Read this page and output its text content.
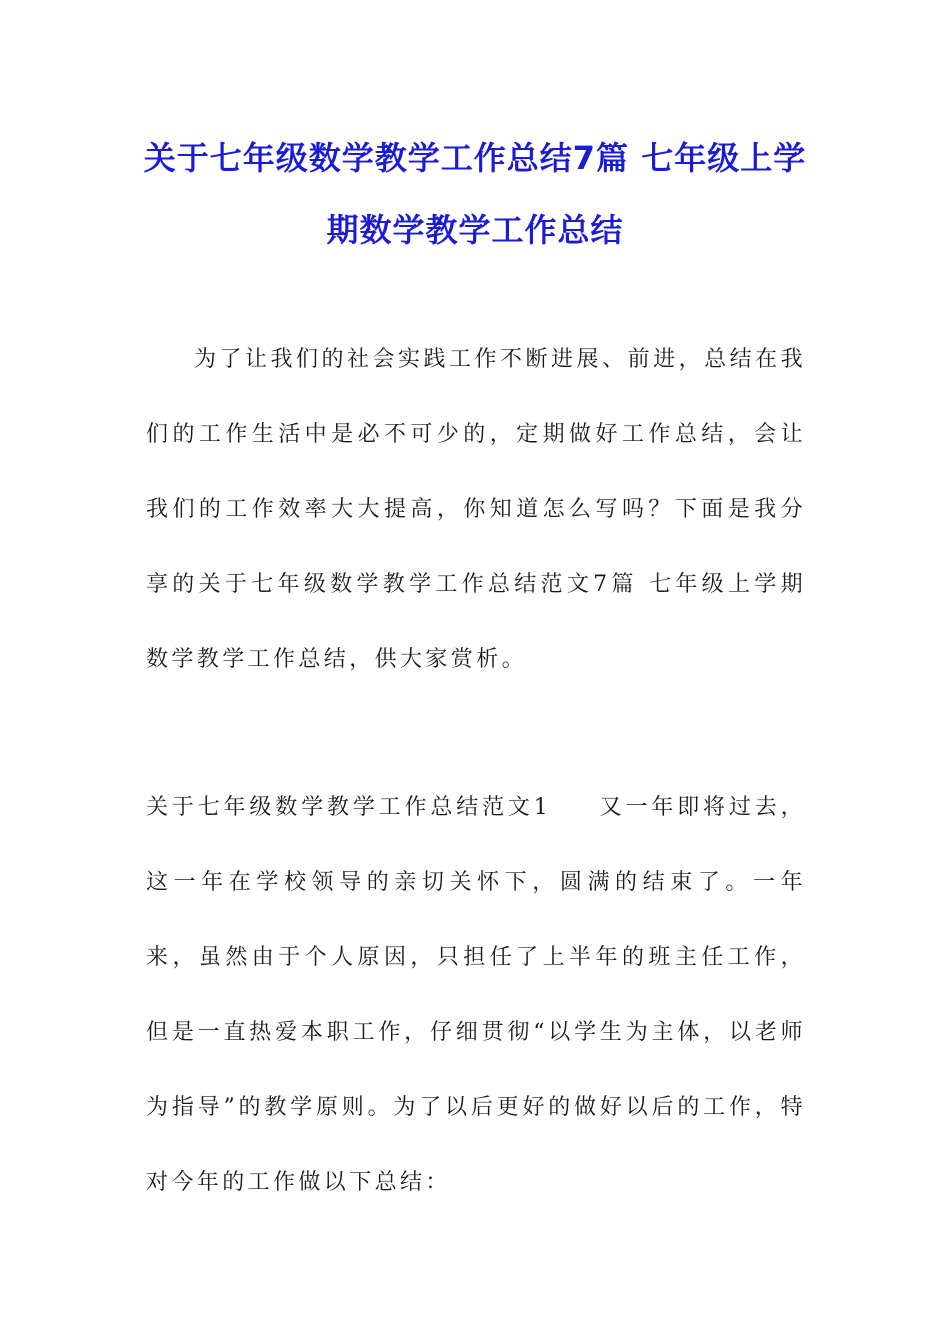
关于七年级数学教学工作总结7篇 七年级上学期数学教学工作总结

为了让我们的社会实践工作不断进展、前进，总结在我们的工作生活中是必不可少的，定期做好工作总结，会让我们的工作效率大大提高，你知道怎么写吗？下面是我分享的关于七年级数学教学工作总结范文7篇 七年级上学期数学教学工作总结，供大家赏析。

关于七年级数学教学工作总结范文1 又一年即将过去，这一年在学校领导的亲切关怀下，圆满的结束了。一年来，虽然由于个人原因，只担任了上半年的班主任工作，但是一直热爱本职工作，仔细贯彻“以学生为主体，以老师为指导”的教学原则。为了以后更好的做好以后的工作，特对今年的工作做以下总结：
